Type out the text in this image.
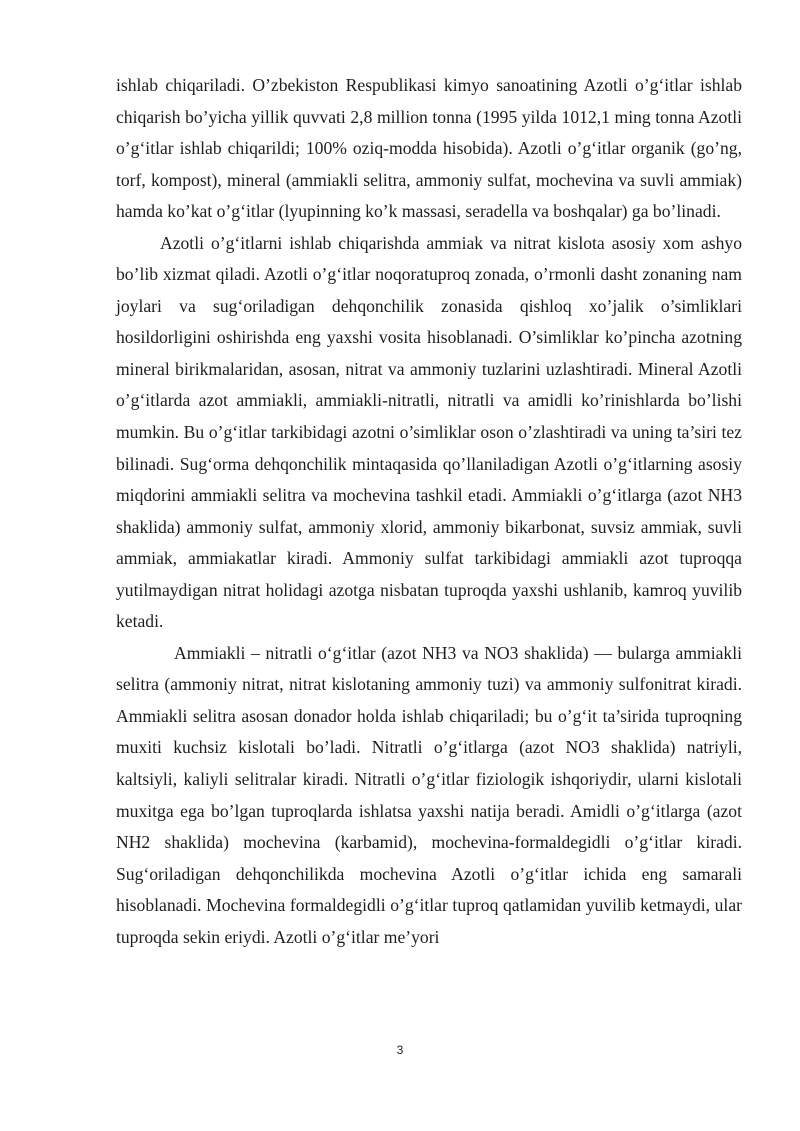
ishlab chiqariladi. O’zbekiston Respublikasi kimyo sanoatining Azotli o’g‘itlar ishlab chiqarish bo’yicha yillik quvvati 2,8 million tonna (1995 yilda 1012,1 ming tonna Azotli o’g‘itlar ishlab chiqarildi; 100% oziq-modda hisobida). Azotli o’g‘itlar organik (go’ng, torf, kompost), mineral (ammiakli selitra, ammoniy sulfat, mochevina va suvli ammiak) hamda ko’kat o’g‘itlar (lyupinning ko’k massasi, seradella va boshqalar) ga bo’linadi.

Azotli o’g‘itlarni ishlab chiqarishda ammiak va nitrat kislota asosiy xom ashyo bo’lib xizmat qiladi. Azotli o’g‘itlar noqoratuproq zonada, o’rmonli dasht zonaning nam joylari va sug‘oriladigan dehqonchilik zonasida qishloq xo’jalik o’simliklari hosildorligini oshirishda eng yaxshi vosita hisoblanadi. O’simliklar ko’pincha azotning mineral birikmalaridan, asosan, nitrat va ammoniy tuzlarini uzlashtiradi. Mineral Azotli o’g‘itlarda azot ammiakli, ammiakli-nitratli, nitratli va amidli ko’rinishlarda bo’lishi mumkin. Bu o’g‘itlar tarkibidagi azotni o’simliklar oson o’zlashtiradi va uning ta’siri tez bilinadi. Sug‘orma dehqonchilik mintaqasida qo’llaniladigan Azotli o’g‘itlarning asosiy miqdorini ammiakli selitra va mochevina tashkil etadi. Ammiakli o’g‘itlarga (azot NH3 shaklida) ammoniy sulfat, ammoniy xlorid, ammoniy bikarbonat, suvsiz ammiak, suvli ammiak, ammiakatlar kiradi. Ammoniy sulfat tarkibidagi ammiakli azot tuproqqa yutilmaydigan nitrat holidagi azotga nisbatan tuproqda yaxshi ushlanib, kamroq yuvilib ketadi.

Ammiakli – nitratli o‘g‘itlar (azot NH3 va NO3 shaklida) — bularga ammiakli selitra (ammoniy nitrat, nitrat kislotaning ammoniy tuzi) va ammoniy sulfonitrat kiradi. Ammiakli selitra asosan donador holda ishlab chiqariladi; bu o’g‘it ta’sirida tuproqning muxiti kuchsiz kislotali bo’ladi. Nitratli o’g‘itlarga (azot NO3 shaklida) natriyli, kaltsiyli, kaliyli selitralar kiradi. Nitratli o’g‘itlar fiziologik ishqoriydir, ularni kislotali muxitga ega bo’lgan tuproqlarda ishlatsa yaxshi natija beradi. Amidli o’g‘itlarga (azot NH2 shaklida) mochevina (karbamid), mochevina-formaldegidli o’g‘itlar kiradi. Sug‘oriladigan dehqonchilikda mochevina Azotli o’g‘itlar ichida eng samarali hisoblanadi. Mochevina formaldegidli o’g‘itlar tuproq qatlamidan yuvilib ketmaydi, ular tuproqda sekin eriydi. Azotli o’g‘itlar me’yori

3
